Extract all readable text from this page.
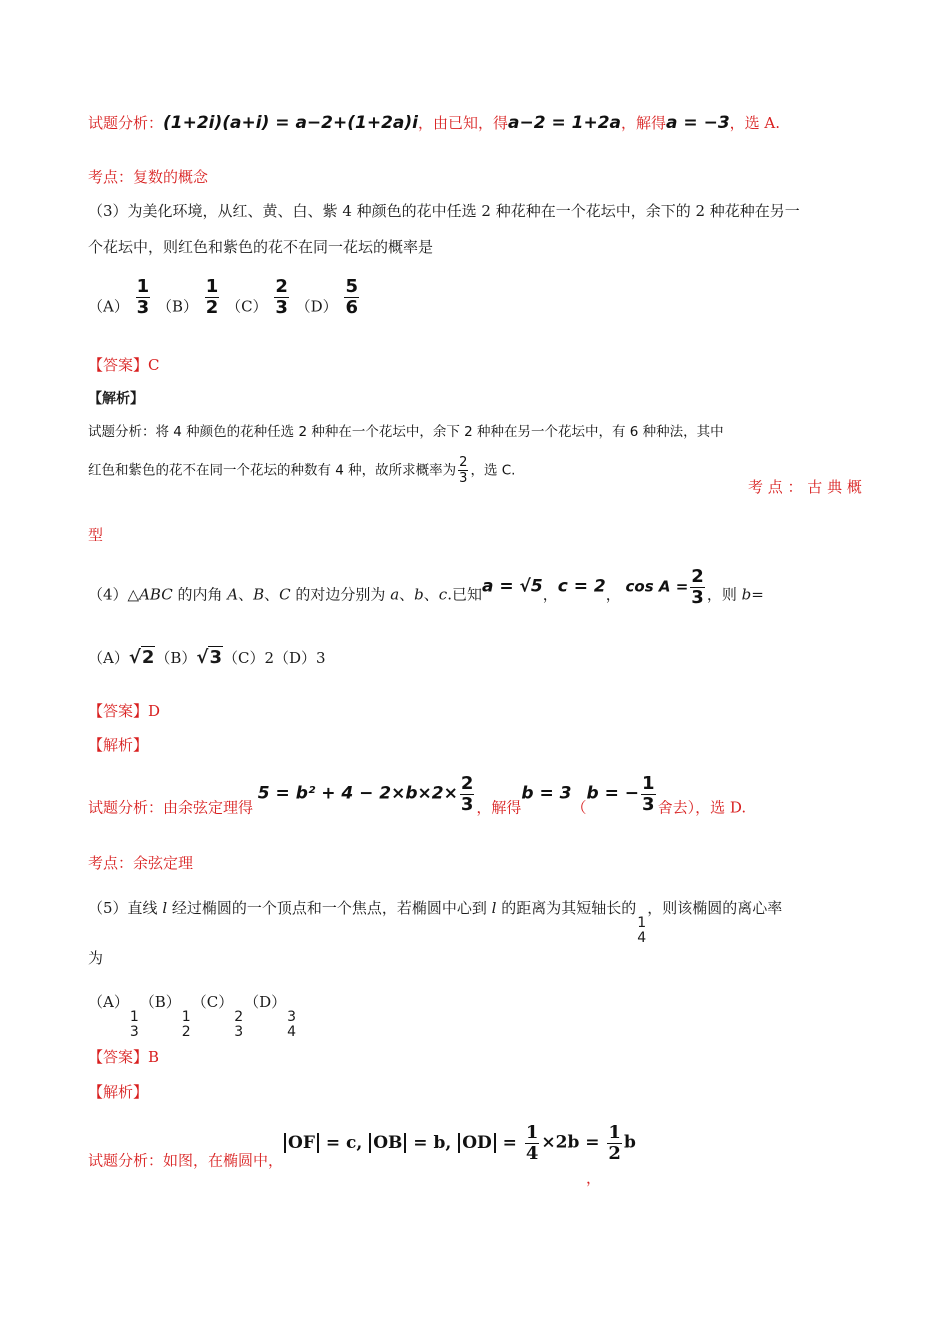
试题分析：(1+2i)(a+i) = a−2+(1+2a)i，由已知，得a−2 = 1+2a，解得a = −3，选 A.
考点：复数的概念
（3）为美化环境，从红、黄、白、紫 4 种颜色的花中任选 2 种花种在一个花坛中，余下的 2 种花种在另一
个花坛中，则红色和紫色的花不在同一花坛的概率是
$(A) \frac{1}{3} (B) \frac{1}{2} (C) \frac{2}{3} (D) \frac{5}{6}$
【答案】C
【解析】
试题分析：将 4 种颜色的花种任选 2 种种在一个花坛中，余下 2 种种在另一个花坛中，有 6 种种法，其中
红色和紫色的花不在同一个花坛的种数有 4 种，故所求概率为 $\frac{2}{3}$ ，选 C.
考 点 ： 古 典 概
型
（4）△ABC 的内角 A、B、C 的对边分别为 a、b、c.已知a = √5，c = 2， $\cos A = \frac{2}{3}$ ，则 b=
（A）√2（B）√3（C）2（D）3
【答案】D
【解析】
试题分析：由余弦定理得 $5 = b^2 + 4 - 2\times b\times 2\times \frac{2}{3}$ ，解得b = 3（b = − $\frac{1}{3}$ 舍去），选 D.
考点：余弦定理
（5）直线 l 经过椭圆的一个顶点和一个焦点，若椭圆中心到 l 的距离为其短轴长的
1
4
，则该椭圆的离心率
为
（A）
1
3
（B）
1
2
（C）
2
3
（D）
3
4
【答案】B
【解析】
试题分析：如图，在椭圆中，OF = c, OB = b, OD = $\frac{1}{4} \times 2b = \frac{1}{2}$ b
，
